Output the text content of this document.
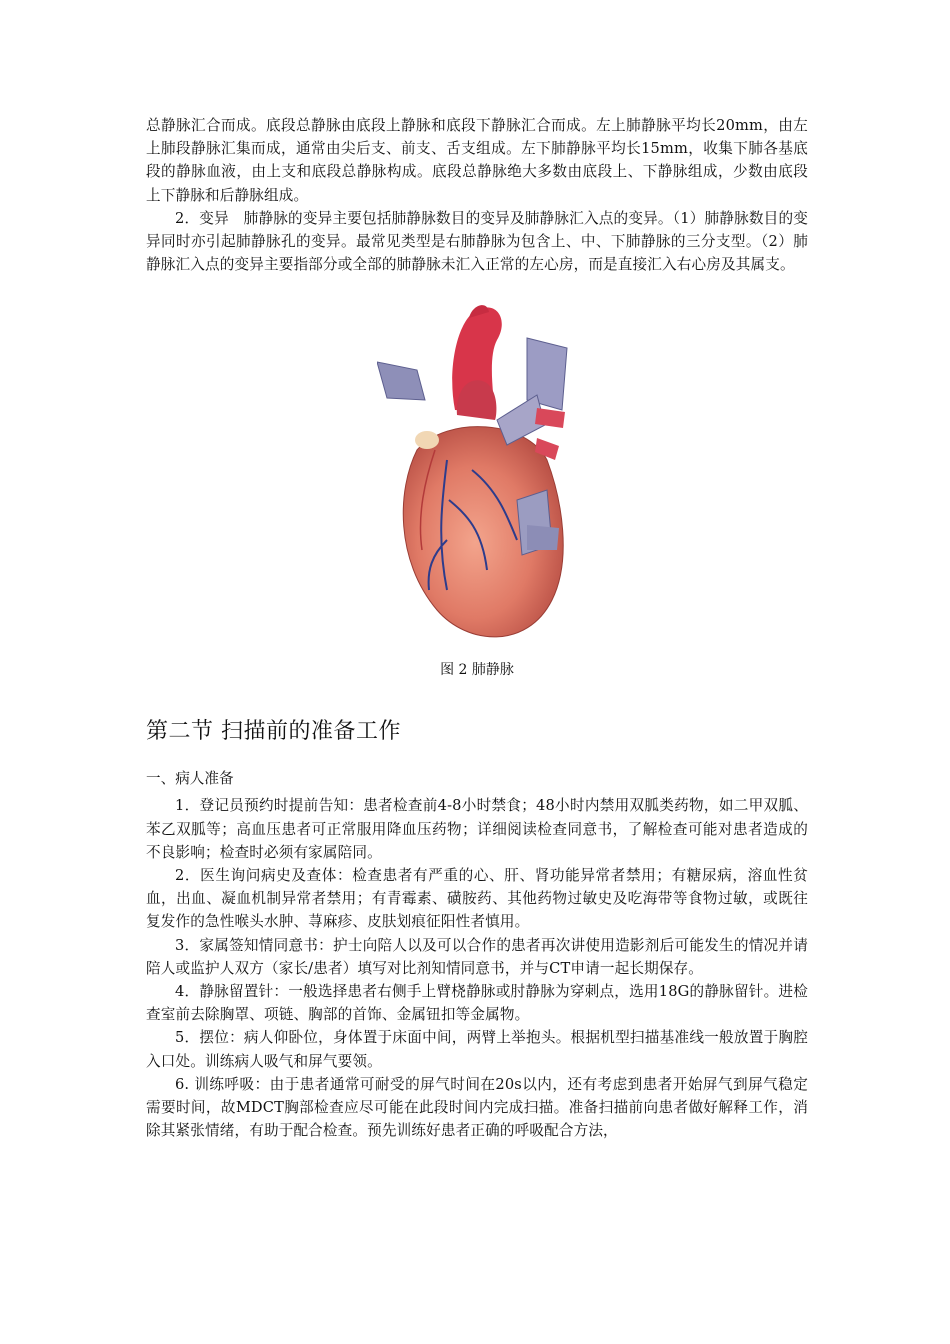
总静脉汇合而成。底段总静脉由底段上静脉和底段下静脉汇合而成。左上肺静脉平均长20mm，由左上肺段静脉汇集而成，通常由尖后支、前支、舌支组成。左下肺静脉平均长15mm，收集下肺各基底段的静脉血液，由上支和底段总静脉构成。底段总静脉绝大多数由底段上、下静脉组成，少数由底段上下静脉和后静脉组成。

2．变异　肺静脉的变异主要包括肺静脉数目的变异及肺静脉汇入点的变异。（1）肺静脉数目的变异同时亦引起肺静脉孔的变异。最常见类型是右肺静脉为包含上、中、下肺静脉的三分支型。（2）肺静脉汇入点的变异主要指部分或全部的肺静脉未汇入正常的左心房，而是直接汇入右心房及其属支。

图 2 肺静脉
第二节 扫描前的准备工作
一、病人准备

1．登记员预约时提前告知：患者检查前4-8小时禁食；48小时内禁用双胍类药物，如二甲双胍、苯乙双胍等；高血压患者可正常服用降血压药物；详细阅读检查同意书，了解检查可能对患者造成的不良影响；检查时必须有家属陪同。

2．医生询问病史及查体：检查患者有严重的心、肝、肾功能异常者禁用；有糖尿病，溶血性贫血，出血、凝血机制异常者禁用；有青霉素、磺胺药、其他药物过敏史及吃海带等食物过敏，或既往复发作的急性喉头水肿、荨麻疹、皮肤划痕征阳性者慎用。

3．家属签知情同意书：护士向陪人以及可以合作的患者再次讲使用造影剂后可能发生的情况并请陪人或监护人双方（家长/患者）填写对比剂知情同意书，并与CT申请一起长期保存。

4．静脉留置针：一般选择患者右侧手上臂桡静脉或肘静脉为穿刺点，选用18G的静脉留针。进检查室前去除胸罩、项链、胸部的首饰、金属钮扣等金属物。

5．摆位：病人仰卧位，身体置于床面中间，两臂上举抱头。根据机型扫描基准线一般放置于胸腔入口处。训练病人吸气和屏气要领。

6. 训练呼吸：由于患者通常可耐受的屏气时间在20s以内，还有考虑到患者开始屏气到屏气稳定需要时间，故MDCT胸部检查应尽可能在此段时间内完成扫描。准备扫描前向患者做好解释工作，消除其紧张情绪，有助于配合检查。预先训练好患者正确的呼吸配合方法，
